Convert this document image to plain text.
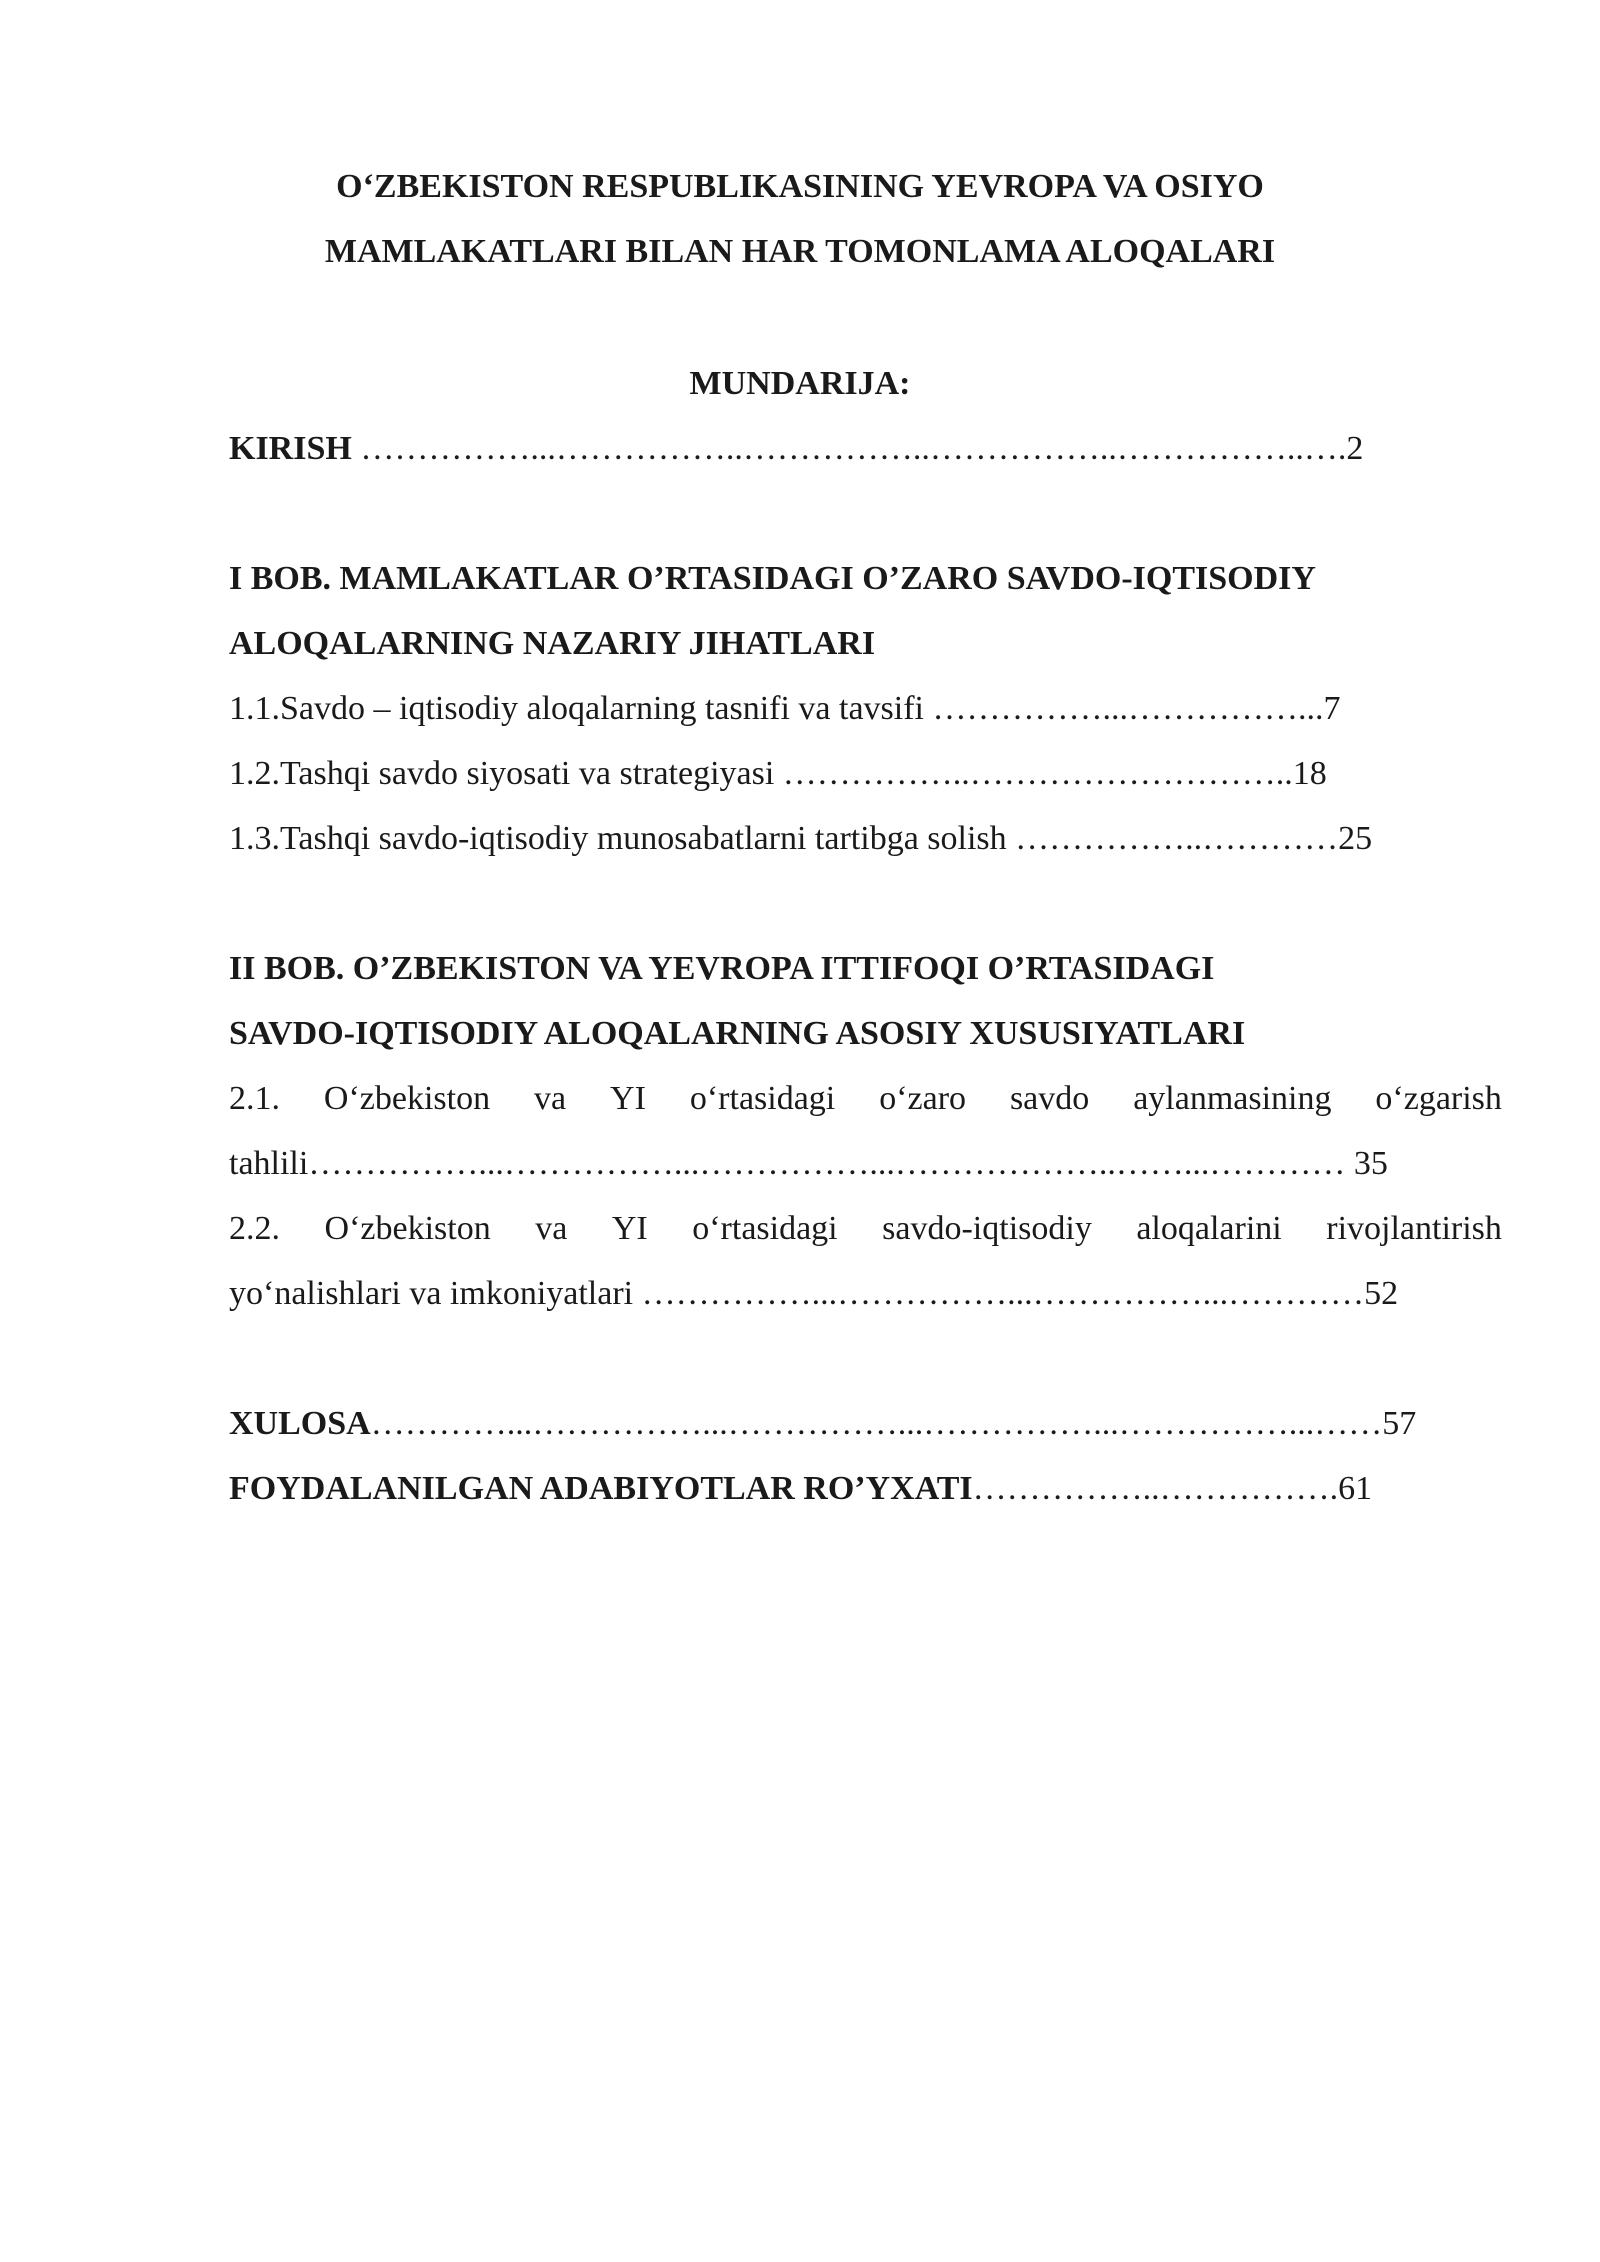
O‘ZBEKISTON RESPUBLIKASINING YEVROPA VA OSIYO
MAMLAKATLARI BILAN HAR TOMONLAMA ALOQALARI
MUNDARIJA:
KIRISH ……………...……………..……………..……………..……………..….2
I BOB. MAMLAKATLAR O’RTASIDAGI O’ZARO SAVDO-IQTISODIY
ALOQALARNING NAZARIY JIHATLARI
1.1.Savdo – iqtisodiy aloqalarning tasnifi va tavsifi ……………...……………...7
1.2.Tashqi savdo siyosati va strategiyasi ……………..………………………..18
1.3.Tashqi savdo-iqtisodiy munosabatlarni tartibga solish ……………..…………25
II BOB. O’ZBEKISTON VA YEVROPA ITTIFOQI O’RTASIDAGI
SAVDO-IQTISODIY ALOQALARNING ASOSIY XUSUSIYATLARI
2.1. O‘zbekiston va YI o‘rtasidagi o‘zaro savdo aylanmasining o‘zgarish
tahlili……………...……………...……………...………………..……...………… 35
2.2. O‘zbekiston va YI o‘rtasidagi savdo-iqtisodiy aloqalarini rivojlantirish
yo‘nalishlari va imkoniyatlari ……………...……………...……………...…………52
XULOSA…………...……………...……………...……………...……………...……57
FOYDALANILGAN ADABIYOTLAR RO’YXATI……………..…………….61
